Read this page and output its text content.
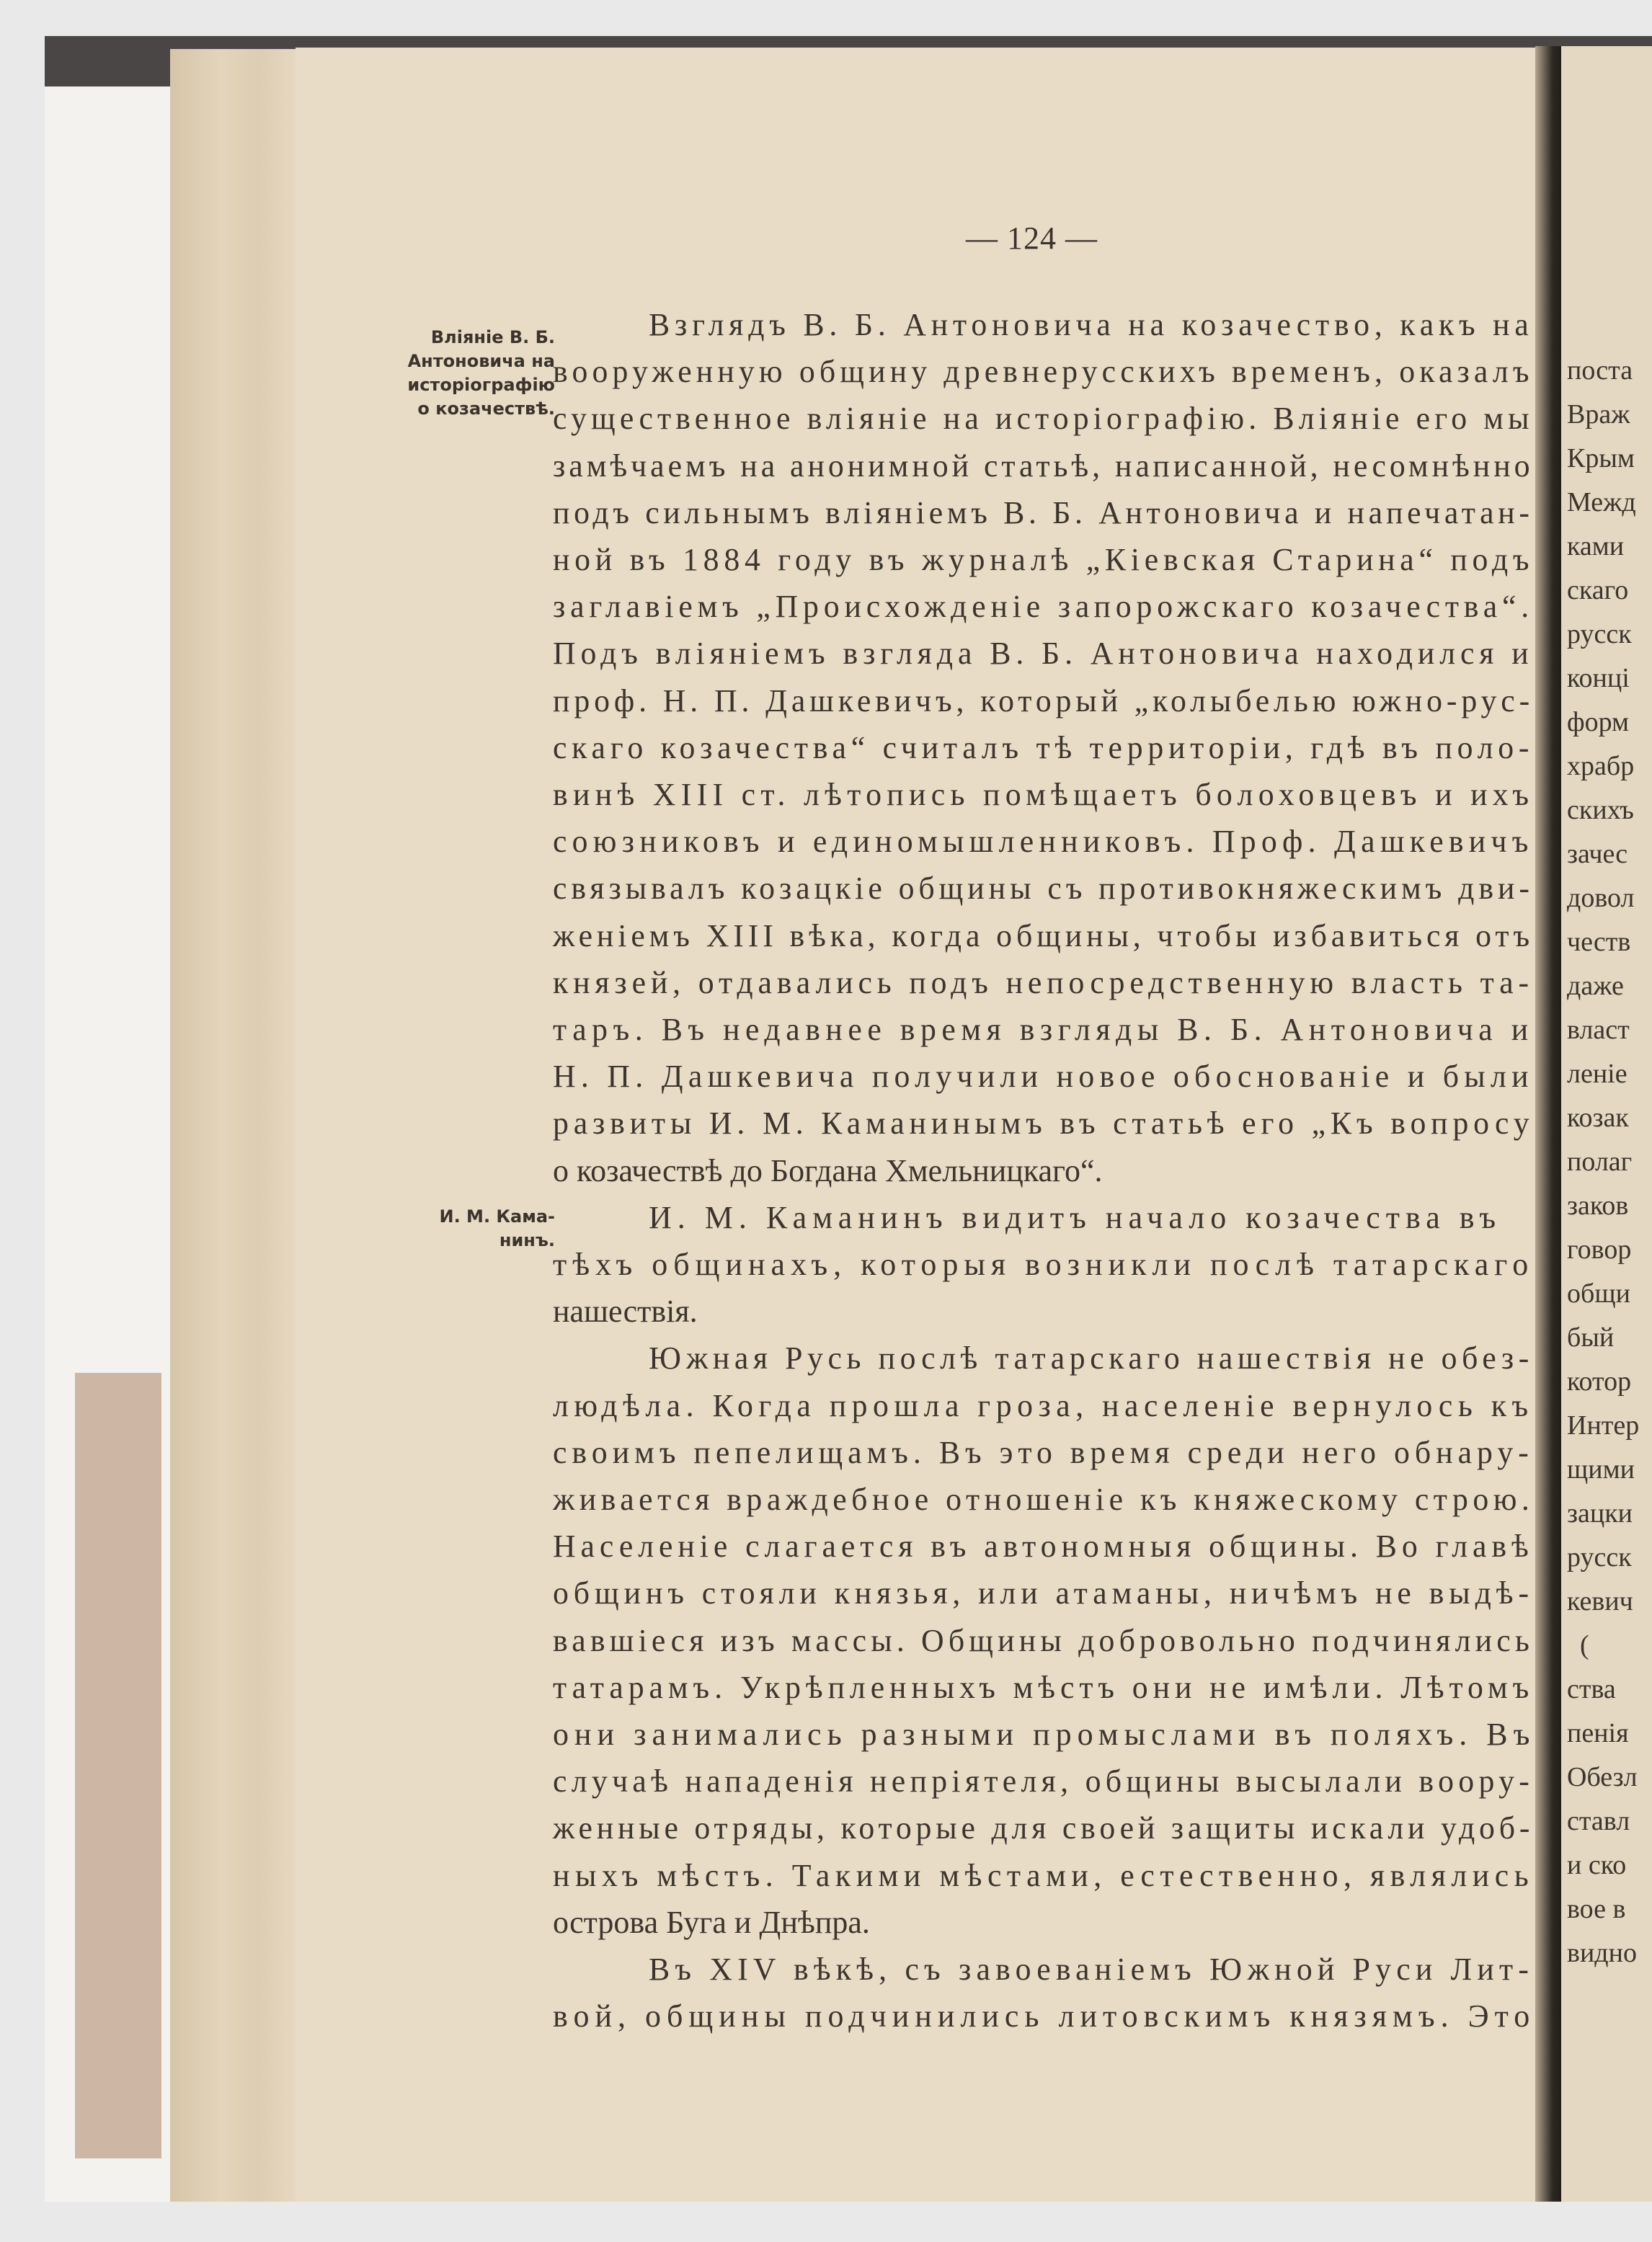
поста
Враж
Крым
Межд
ками
скаго
русск
конці
форм
храбр
скихъ
зачес
довол
честв
даже
власт
леніе
козак
полаг
заков
говор
общи
бый
котор
Интер
щими
зацки
русск
кевич
(
ства
пенія
Обезл
ставл
и ско
вое в
видно

— 124 —

Влiянiе В. Б.
Антоновича на
исторiографiю
о козачествѣ.
И. М. Кама-
нинъ.

Взглядъ В. Б. Антоновича на козачество, какъ на

вооруженную общину древнерусскихъ временъ, оказалъ

существенное влiянiе на исторiографiю. Влiянiе его мы

замѣчаемъ на анонимной статьѣ, написанной, несомнѣнно

подъ сильнымъ влiянiемъ В. Б. Антоновича и напечатан-

ной въ 1884 году въ журналѣ „Кiевская Старина“ подъ

заглавiемъ „Происхожденiе запорожскаго козачества“.

Подъ влiянiемъ взгляда В. Б. Антоновича находился и

проф. Н. П. Дашкевичъ, который „колыбелью южно-рус-

скаго козачества“ считалъ тѣ территорiи, гдѣ въ поло-

винѣ XIII ст. лѣтопись помѣщаетъ болоховцевъ и ихъ

союзниковъ и единомышленниковъ. Проф. Дашкевичъ

связывалъ козацкiе общины съ противокняжескимъ дви-

женiемъ XIII вѣка, когда общины, чтобы избавиться отъ

князей, отдавались подъ непосредственную власть та-

таръ. Въ недавнее время взгляды В. Б. Антоновича и

Н. П. Дашкевича получили новое обоснованiе и были

развиты И. М. Каманинымъ въ статьѣ его „Къ вопросу

о козачествѣ до Богдана Хмельницкаго“.

И. М. Каманинъ видитъ начало козачества въ

тѣхъ общинахъ, которыя возникли послѣ татарскаго

нашествiя.

Южная Русь послѣ татарскаго нашествiя не обез-

людѣла. Когда прошла гроза, населенiе вернулось къ

своимъ пепелищамъ. Въ это время среди него обнару-

живается враждебное отношенiе къ княжескому строю.

Населенiе слагается въ автономныя общины. Во главѣ

общинъ стояли князья, или атаманы, ничѣмъ не выдѣ-

вавшiеся изъ массы. Общины добровольно подчинялись

татарамъ. Укрѣпленныхъ мѣстъ они не имѣли. Лѣтомъ

они занимались разными промыслами въ поляхъ. Въ

случаѣ нападенiя непрiятеля, общины высылали воору-

женные отряды, которые для своей защиты искали удоб-

ныхъ мѣстъ. Такими мѣстами, естественно, являлись

острова Буга и Днѣпра.

Въ XIV вѣкѣ, съ завоеванiемъ Южной Руси Лит-

вой, общины подчинились литовскимъ князямъ. Это
